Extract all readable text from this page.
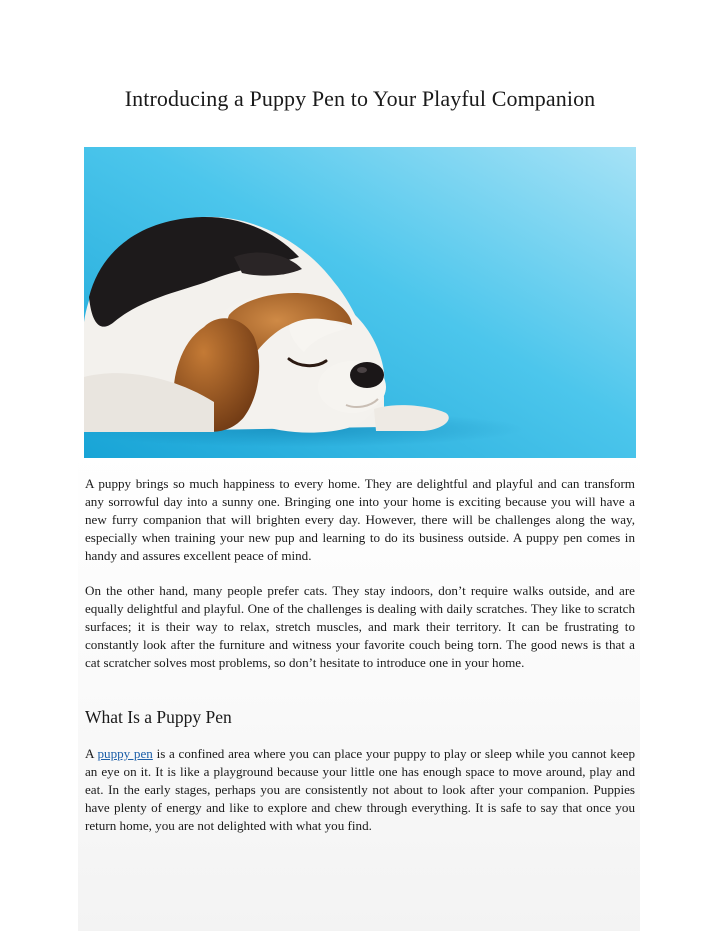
Introducing a Puppy Pen to Your Playful Companion

A puppy brings so much happiness to every home. They are delightful and playful and can transform any sorrowful day into a sunny one. Bringing one into your home is exciting because you will have a new furry companion that will brighten every day. However, there will be challenges along the way, especially when training your new pup and learning to do its business outside. A puppy pen comes in handy and assures excellent peace of mind.

On the other hand, many people prefer cats. They stay indoors, don’t require walks outside, and are equally delightful and playful. One of the challenges is dealing with daily scratches. They like to scratch surfaces; it is their way to relax, stretch muscles, and mark their territory. It can be frustrating to constantly look after the furniture and witness your favorite couch being torn. The good news is that a cat scratcher solves most problems, so don’t hesitate to introduce one in your home.

What Is a Puppy Pen

A puppy pen is a confined area where you can place your puppy to play or sleep while you cannot keep an eye on it. It is like a playground because your little one has enough space to move around, play and eat. In the early stages, perhaps you are consistently not about to look after your companion. Puppies have plenty of energy and like to explore and chew through everything. It is safe to say that once you return home, you are not delighted with what you find.
